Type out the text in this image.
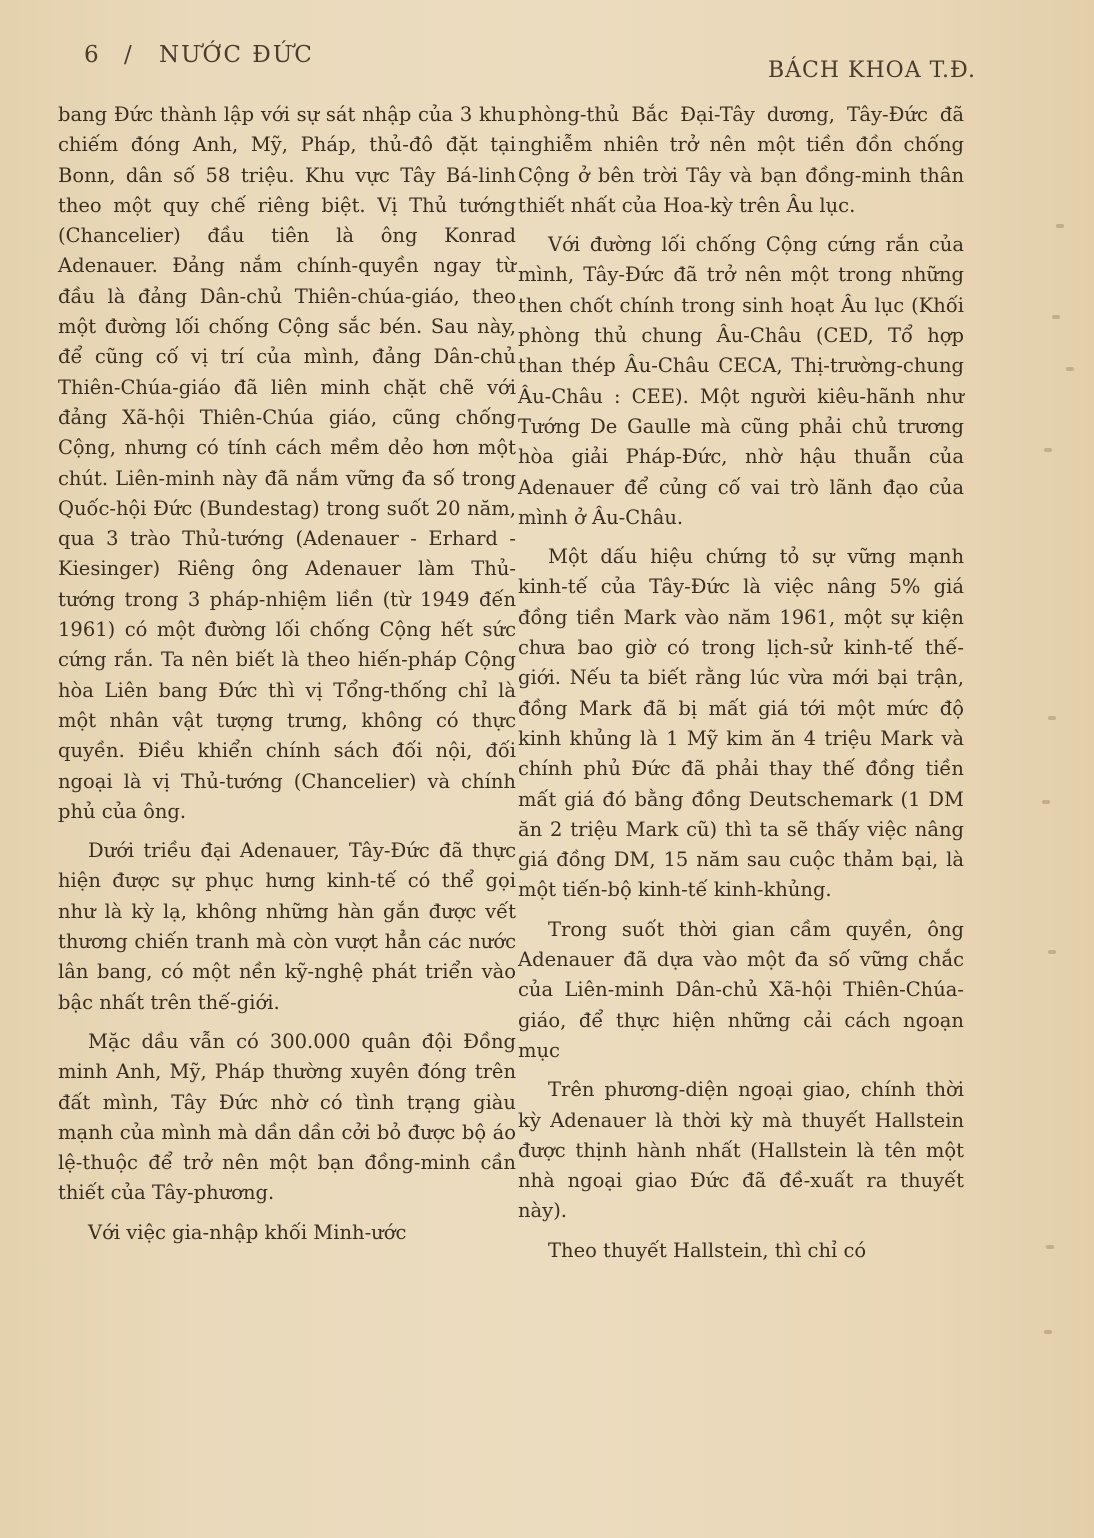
6 / NƯỚC ĐỨC
BÁCH KHOA T.Đ.

bang Đức thành lập với sự sát nhập của 3 khu chiếm đóng Anh, Mỹ, Pháp, thủ-đô đặt tại Bonn, dân số 58 triệu. Khu vực Tây Bá-linh theo một quy chế riêng biệt. Vị Thủ tướng (Chancelier) đầu tiên là ông Konrad Adenauer. Đảng nắm chính-quyền ngay từ đầu là đảng Dân-chủ Thiên-chúa-giáo, theo một đường lối chống Cộng sắc bén. Sau này, để cũng cố vị trí của mình, đảng Dân-chủ Thiên-Chúa-giáo đã liên minh chặt chẽ với đảng Xã-hội Thiên-Chúa giáo, cũng chống Cộng, nhưng có tính cách mềm dẻo hơn một chút. Liên-minh này đã nắm vững đa số trong Quốc-hội Đức (Bundestag) trong suốt 20 năm, qua 3 trào Thủ-tướng (Adenauer - Erhard - Kiesinger) Riêng ông Adenauer làm Thủ-tướng trong 3 pháp-nhiệm liền (từ 1949 đến 1961) có một đường lối chống Cộng hết sức cứng rắn. Ta nên biết là theo hiến-pháp Cộng hòa Liên bang Đức thì vị Tổng-thống chỉ là một nhân vật tượng trưng, không có thực quyền. Điều khiển chính sách đối nội, đối ngoại là vị Thủ-tướng (Chancelier) và chính phủ của ông.

Dưới triều đại Adenauer, Tây-Đức đã thực hiện được sự phục hưng kinh-tế có thể gọi như là kỳ lạ, không những hàn gắn được vết thương chiến tranh mà còn vượt hẳn các nước lân bang, có một nền kỹ-nghệ phát triển vào bậc nhất trên thế-giới.

Mặc dầu vẫn có 300.000 quân đội Đồng minh Anh, Mỹ, Pháp thường xuyên đóng trên đất mình, Tây Đức nhờ có tình trạng giàu mạnh của mình mà dần dần cởi bỏ được bộ áo lệ-thuộc để trở nên một bạn đồng-minh cần thiết của Tây-phương.

Với việc gia-nhập khối Minh-ước

phòng-thủ Bắc Đại-Tây dương, Tây-Đức đã nghiễm nhiên trở nên một tiền đồn chống Cộng ở bên trời Tây và bạn đồng-minh thân thiết nhất của Hoa-kỳ trên Âu lục.

Với đường lối chống Cộng cứng rắn của mình, Tây-Đức đã trở nên một trong những then chốt chính trong sinh hoạt Âu lục (Khối phòng thủ chung Âu-Châu (CED, Tổ hợp than thép Âu-Châu CECA, Thị-trường-chung Âu-Châu : CEE). Một người kiêu-hãnh như Tướng De Gaulle mà cũng phải chủ trương hòa giải Pháp-Đức, nhờ hậu thuẫn của Adenauer để củng cố vai trò lãnh đạo của mình ở Âu-Châu.

Một dấu hiệu chứng tỏ sự vững mạnh kinh-tế của Tây-Đức là việc nâng 5% giá đồng tiền Mark vào năm 1961, một sự kiện chưa bao giờ có trong lịch-sử kinh-tế thế-giới. Nếu ta biết rằng lúc vừa mới bại trận, đồng Mark đã bị mất giá tới một mức độ kinh khủng là 1 Mỹ kim ăn 4 triệu Mark và chính phủ Đức đã phải thay thế đồng tiền mất giá đó bằng đồng Deutschemark (1 DM ăn 2 triệu Mark cũ) thì ta sẽ thấy việc nâng giá đồng DM, 15 năm sau cuộc thảm bại, là một tiến-bộ kinh-tế kinh-khủng.

Trong suốt thời gian cầm quyền, ông Adenauer đã dựa vào một đa số vững chắc của Liên-minh Dân-chủ Xã-hội Thiên-Chúa-giáo, để thực hiện những cải cách ngoạn mục

Trên phương-diện ngoại giao, chính thời kỳ Adenauer là thời kỳ mà thuyết Hallstein được thịnh hành nhất (Hallstein là tên một nhà ngoại giao Đức đã đề-xuất ra thuyết này).

Theo thuyết Hallstein, thì chỉ có
